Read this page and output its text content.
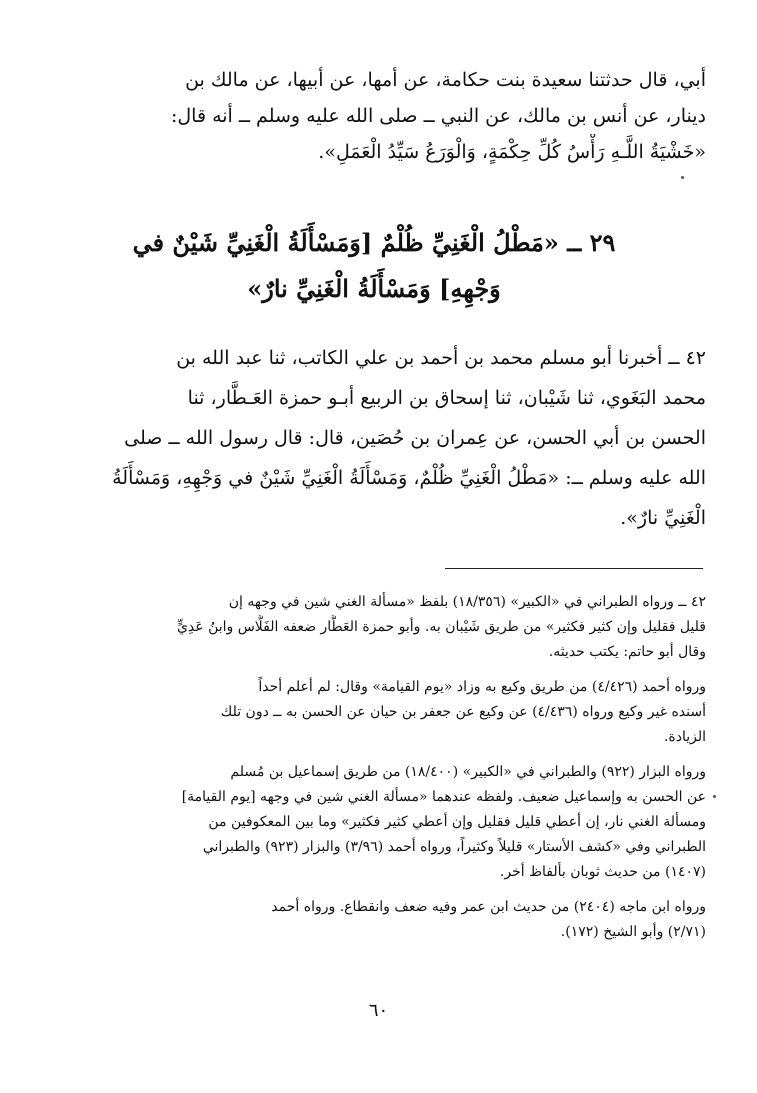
أبي، قال حدثتنا سعيدة بنت حكامة، عن أمها، عن أبيها، عن مالك بن
دينار، عن أنس بن مالك، عن النبي ــ صلى الله عليه وسلم ــ أنه قال:
«خَشْيَةُ اللَّـهِ رَأْسُ كُلِّ حِكْمَةٍ، وَالْوَرَعُ سَيِّدُ الْعَمَلِ».
٢٩ ــ «مَطْلُ الْغَنِيِّ ظُلْمٌ [وَمَسْأَلَةُ الْغَنِيِّ شَيْنٌ في
وَجْهِهِ] وَمَسْأَلَةُ الْغَنِيِّ نارٌ»
٤٢ ــ أخبرنا أبو مسلم محمد بن أحمد بن علي الكاتب، ثنا عبد الله بن
محمد البَغَوي، ثنا شَيْبان، ثنا إسحاق بن الربيع أبـو حمزة العَـطَّار، ثنا
الحسن بن أبي الحسن، عن عِمران بن حُصَين، قال: قال رسول الله ــ صلى
الله عليه وسلم ــ: «مَطْلُ الْغَنِيِّ ظُلْمٌ، وَمَسْأَلَةُ الْغَنِيِّ شَيْنٌ في وَجْهِهِ، وَمَسْأَلَةُ
الْغَنِيِّ نارٌ».
٤٢ ــ ورواه الطبراني في «الكبير» (١٨/٣٥٦) بلفظ «مسألة الغني شين في وجهه إن
قليل فقليل وإن كثير فكثير» من طريق شَيْبان به. وأبو حمزة العَطَّار ضعفه الفَلَّاس وابنُ عَدِيٍّ
وقال أبو حاتم: يكتب حديثه.
ورواه أحمد (٤/٤٢٦) من طريق وكيع به وزاد «يوم القيامة» وقال: لم أعلم أحداً
أسنده غير وكيع ورواه (٤/٤٣٦) عن وكيع عن جعفر بن حيان عن الحسن به ــ دون تلك
الزيادة.
ورواه البزار (٩٢٢) والطبراني في «الكبير» (١٨/٤٠٠) من طريق إسماعيل بن مُسلم
عن الحسن به وإسماعيل ضعيف. ولفظه عندهما «مسألة الغني شين في وجهه [يوم القيامة]
ومسألة الغني نار، إن أعطي قليل فقليل وإن أعطي كثير فكثير» وما بين المعكوفين من
الطبراني وفي «كشف الأستار» قليلاً وكثيراً، ورواه أحمد (٣/٩٦) والبزار (٩٢٣) والطبراني
(١٤٠٧) من حديث ثوبان بألفاظ أخر.
ورواه ابن ماجه (٢٤٠٤) من حديث ابن عمر وفيه ضعف وانقطاع. ورواه أحمد
(٢/٧١) وأبو الشيخ (١٧٢).
٦٠
